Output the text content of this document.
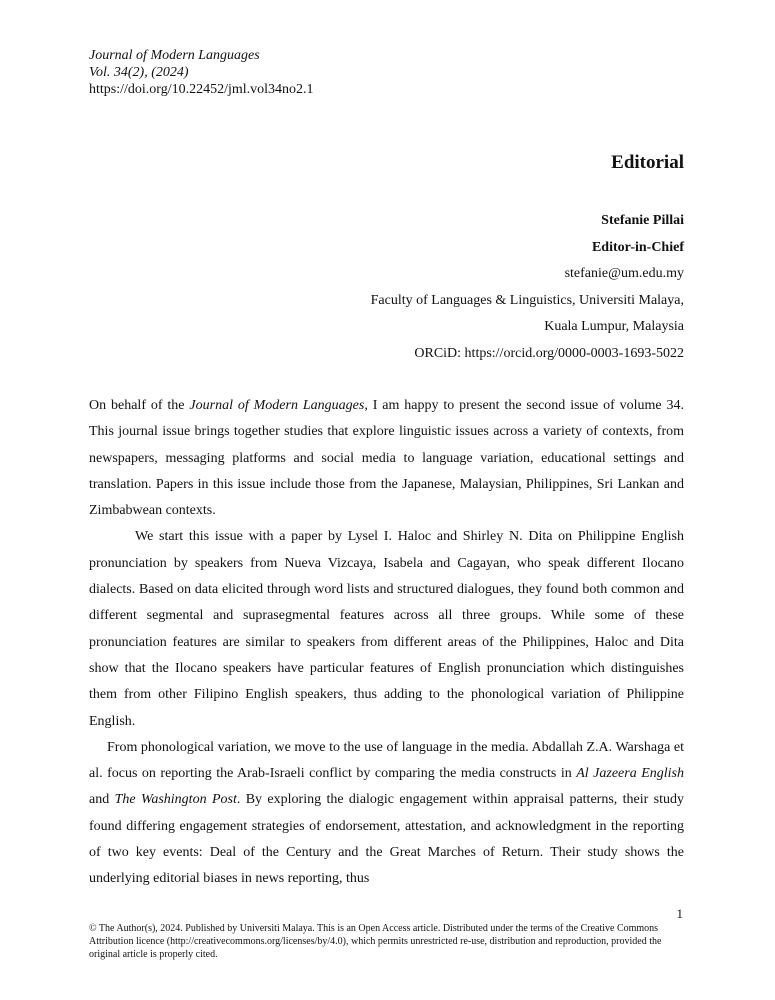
Journal of Modern Languages
Vol. 34(2), (2024)
https://doi.org/10.22452/jml.vol34no2.1
Editorial
Stefanie Pillai
Editor-in-Chief
stefanie@um.edu.my
Faculty of Languages & Linguistics, Universiti Malaya,
Kuala Lumpur, Malaysia
ORCiD: https://orcid.org/0000-0003-1693-5022

On behalf of the Journal of Modern Languages, I am happy to present the second issue of volume 34. This journal issue brings together studies that explore linguistic issues across a variety of contexts, from newspapers, messaging platforms and social media to language variation, educational settings and translation. Papers in this issue include those from the Japanese, Malaysian, Philippines, Sri Lankan and Zimbabwean contexts.

We start this issue with a paper by Lysel I. Haloc and Shirley N. Dita on Philippine English pronunciation by speakers from Nueva Vizcaya, Isabela and Cagayan, who speak different Ilocano dialects. Based on data elicited through word lists and structured dialogues, they found both common and different segmental and suprasegmental features across all three groups. While some of these pronunciation features are similar to speakers from different areas of the Philippines, Haloc and Dita show that the Ilocano speakers have particular features of English pronunciation which distinguishes them from other Filipino English speakers, thus adding to the phonological variation of Philippine English.

From phonological variation, we move to the use of language in the media. Abdallah Z.A. Warshaga et al. focus on reporting the Arab-Israeli conflict by comparing the media constructs in Al Jazeera English and The Washington Post. By exploring the dialogic engagement within appraisal patterns, their study found differing engagement strategies of endorsement, attestation, and acknowledgment in the reporting of two key events: Deal of the Century and the Great Marches of Return. Their study shows the underlying editorial biases in news reporting, thus

1
© The Author(s), 2024. Published by Universiti Malaya. This is an Open Access article. Distributed under the terms of the Creative Commons Attribution licence (http://creativecommons.org/licenses/by/4.0), which permits unrestricted re-use, distribution and reproduction, provided the original article is properly cited.
